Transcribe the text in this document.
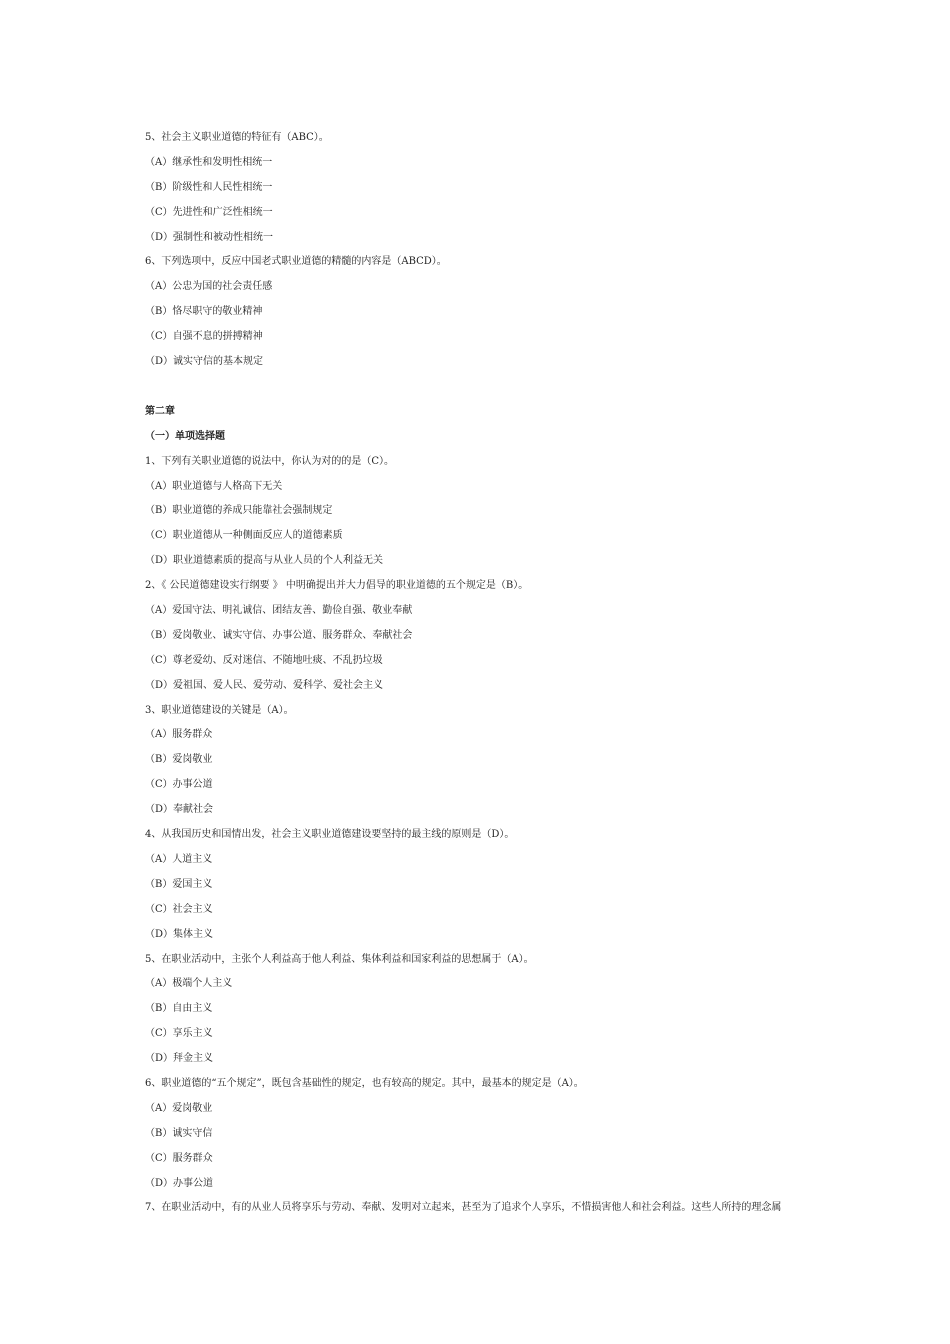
5、社会主义职业道德的特征有（ABC）。
（A）继承性和发明性相统一
（B）阶级性和人民性相统一
（C）先进性和广泛性相统一
（D）强制性和被动性相统一
6、下列选项中，反应中国老式职业道德的精髓的内容是（ABCD）。
（A）公忠为国的社会责任感
（B）恪尽职守的敬业精神
（C）自强不息的拼搏精神
（D）诚实守信的基本规定
第二章
（一）单项选择题
1、下列有关职业道德的说法中，你认为对的的是（C）。
（A）职业道德与人格高下无关
（B）职业道德的养成只能靠社会强制规定
（C）职业道德从一种侧面反应人的道德素质
（D）职业道德素质的提高与从业人员的个人利益无关
2、《 公民道德建设实行纲要 》 中明确提出并大力倡导的职业道德的五个规定是（B）。
（A）爱国守法、明礼诚信、团结友善、勤俭自强、敬业奉献
（B）爱岗敬业、诚实守信、办事公道、服务群众、奉献社会
（C）尊老爱幼、反对迷信、不随地吐痰、不乱扔垃圾
（D）爱祖国、爱人民、爱劳动、爱科学、爱社会主义
3、职业道德建设的关键是（A）。
（A）服务群众
（B）爱岗敬业
（C）办事公道
（D）奉献社会
4、从我国历史和国情出发，社会主义职业道德建设要坚持的最主线的原则是（D）。
（A）人道主义
（B）爱国主义
（C）社会主义
（D）集体主义
5、在职业活动中，主张个人利益高于他人利益、集体利益和国家利益的思想属于（A）。
（A）极端个人主义
（B）自由主义
（C）享乐主义
（D）拜金主义
6、职业道德的“五个规定”，既包含基础性的规定，也有较高的规定。其中，最基本的规定是（A）。
（A）爱岗敬业
（B）诚实守信
（C）服务群众
（D）办事公道
7、在职业活动中，有的从业人员将享乐与劳动、奉献、发明对立起来，甚至为了追求个人享乐，不惜损害他人和社会利益。这些人所持的理念属
